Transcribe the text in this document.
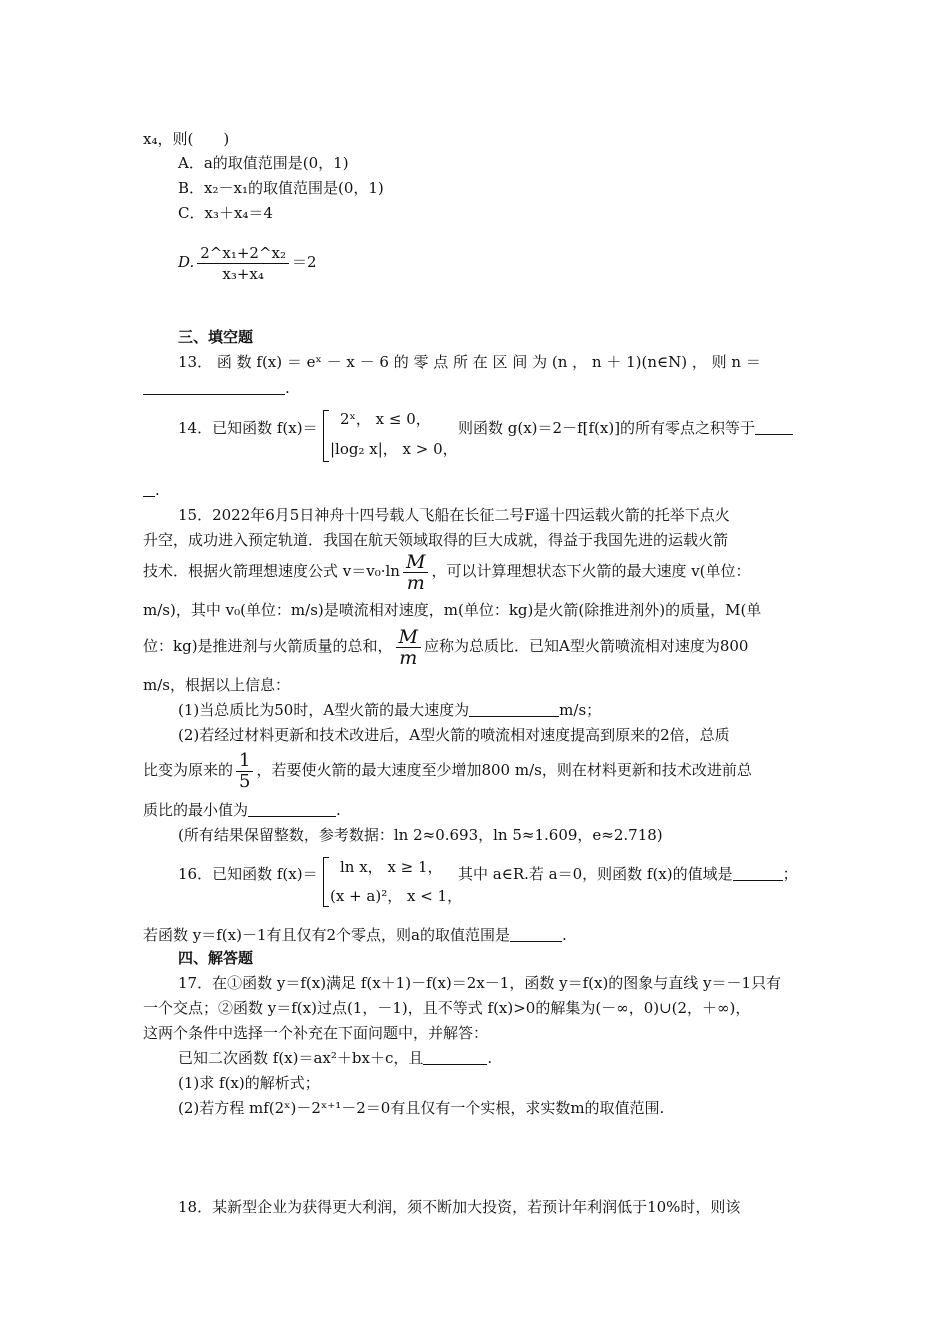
x₄，则(　　)
A．a的取值范围是(0，1)
B．x₂－x₁的取值范围是(0，1)
C．x₃＋x₄＝4
D. $\frac{\text{2\textasciicircum{}x₁+2\textasciicircum{}x₂}}{\text{x₃+x₄}} =2$
三、填空题
13． 函 数 f(x) ＝ eˣ － x － 6 的 零 点 所 在 区 间 为 (n ， n ＋ 1)(n∈N) ， 则 n ＝
.
14．已知函数 f(x)＝ 2ˣ， x ≤ 0，
|log₂ x|， x > 0，
则函数 g(x)＝2－f[f(x)]的所有零点之积等于
.
15．2022年6月5日神舟十四号载人飞船在长征二号F遥十四运载火箭的托举下点火
升空，成功进入预定轨道．我国在航天领域取得的巨大成就，得益于我国先进的运载火箭
技术．根据火箭理想速度公式 $v=v_0\cdot\ln \frac{M}{m}$ ，可以计算理想状态下火箭的最大速度 v(单位：
m/s)，其中 v₀(单位：m/s)是喷流相对速度，m(单位：kg)是火箭(除推进剂外)的质量，M(单
位：kg)是推进剂与火箭质量的总和， $\frac{M}{m}$ 应称为总质比．已知A型火箭喷流相对速度为800
m/s，根据以上信息：
(1)当总质比为50时，A型火箭的最大速度为	m/s；
(2)若经过材料更新和技术改进后，A型火箭的喷流相对速度提高到原来的2倍，总质
比变为原来的 $\frac{1}{5}$ ，若要使火箭的最大速度至少增加800 m/s，则在材料更新和技术改进前总
质比的最小值为	.
(所有结果保留整数，参考数据：ln 2≈0.693，ln 5≈1.609，e≈2.718)
16．已知函数 f(x)＝ ln x， x ≥ 1，
(x + a)²， x < 1，
其中 a∈R.若 a＝0，则函数 f(x)的值域是	；
若函数 y＝f(x)－1有且仅有2个零点，则a的取值范围是	.
四、解答题
17．在①函数 y＝f(x)满足 f(x＋1)－f(x)＝2x－1，函数 y＝f(x)的图象与直线 y＝－1只有
一个交点；②函数 y＝f(x)过点(1，－1)，且不等式 f(x)>0的解集为(－∞，0)∪(2，＋∞)，
这两个条件中选择一个补充在下面问题中，并解答：
已知二次函数 f(x)＝ax²＋bx＋c，且	.
(1)求 f(x)的解析式；
(2)若方程 mf(2ˣ)－2ˣ⁺¹－2＝0有且仅有一个实根，求实数m的取值范围.
18．某新型企业为获得更大利润，须不断加大投资，若预计年利润低于10%时，则该
